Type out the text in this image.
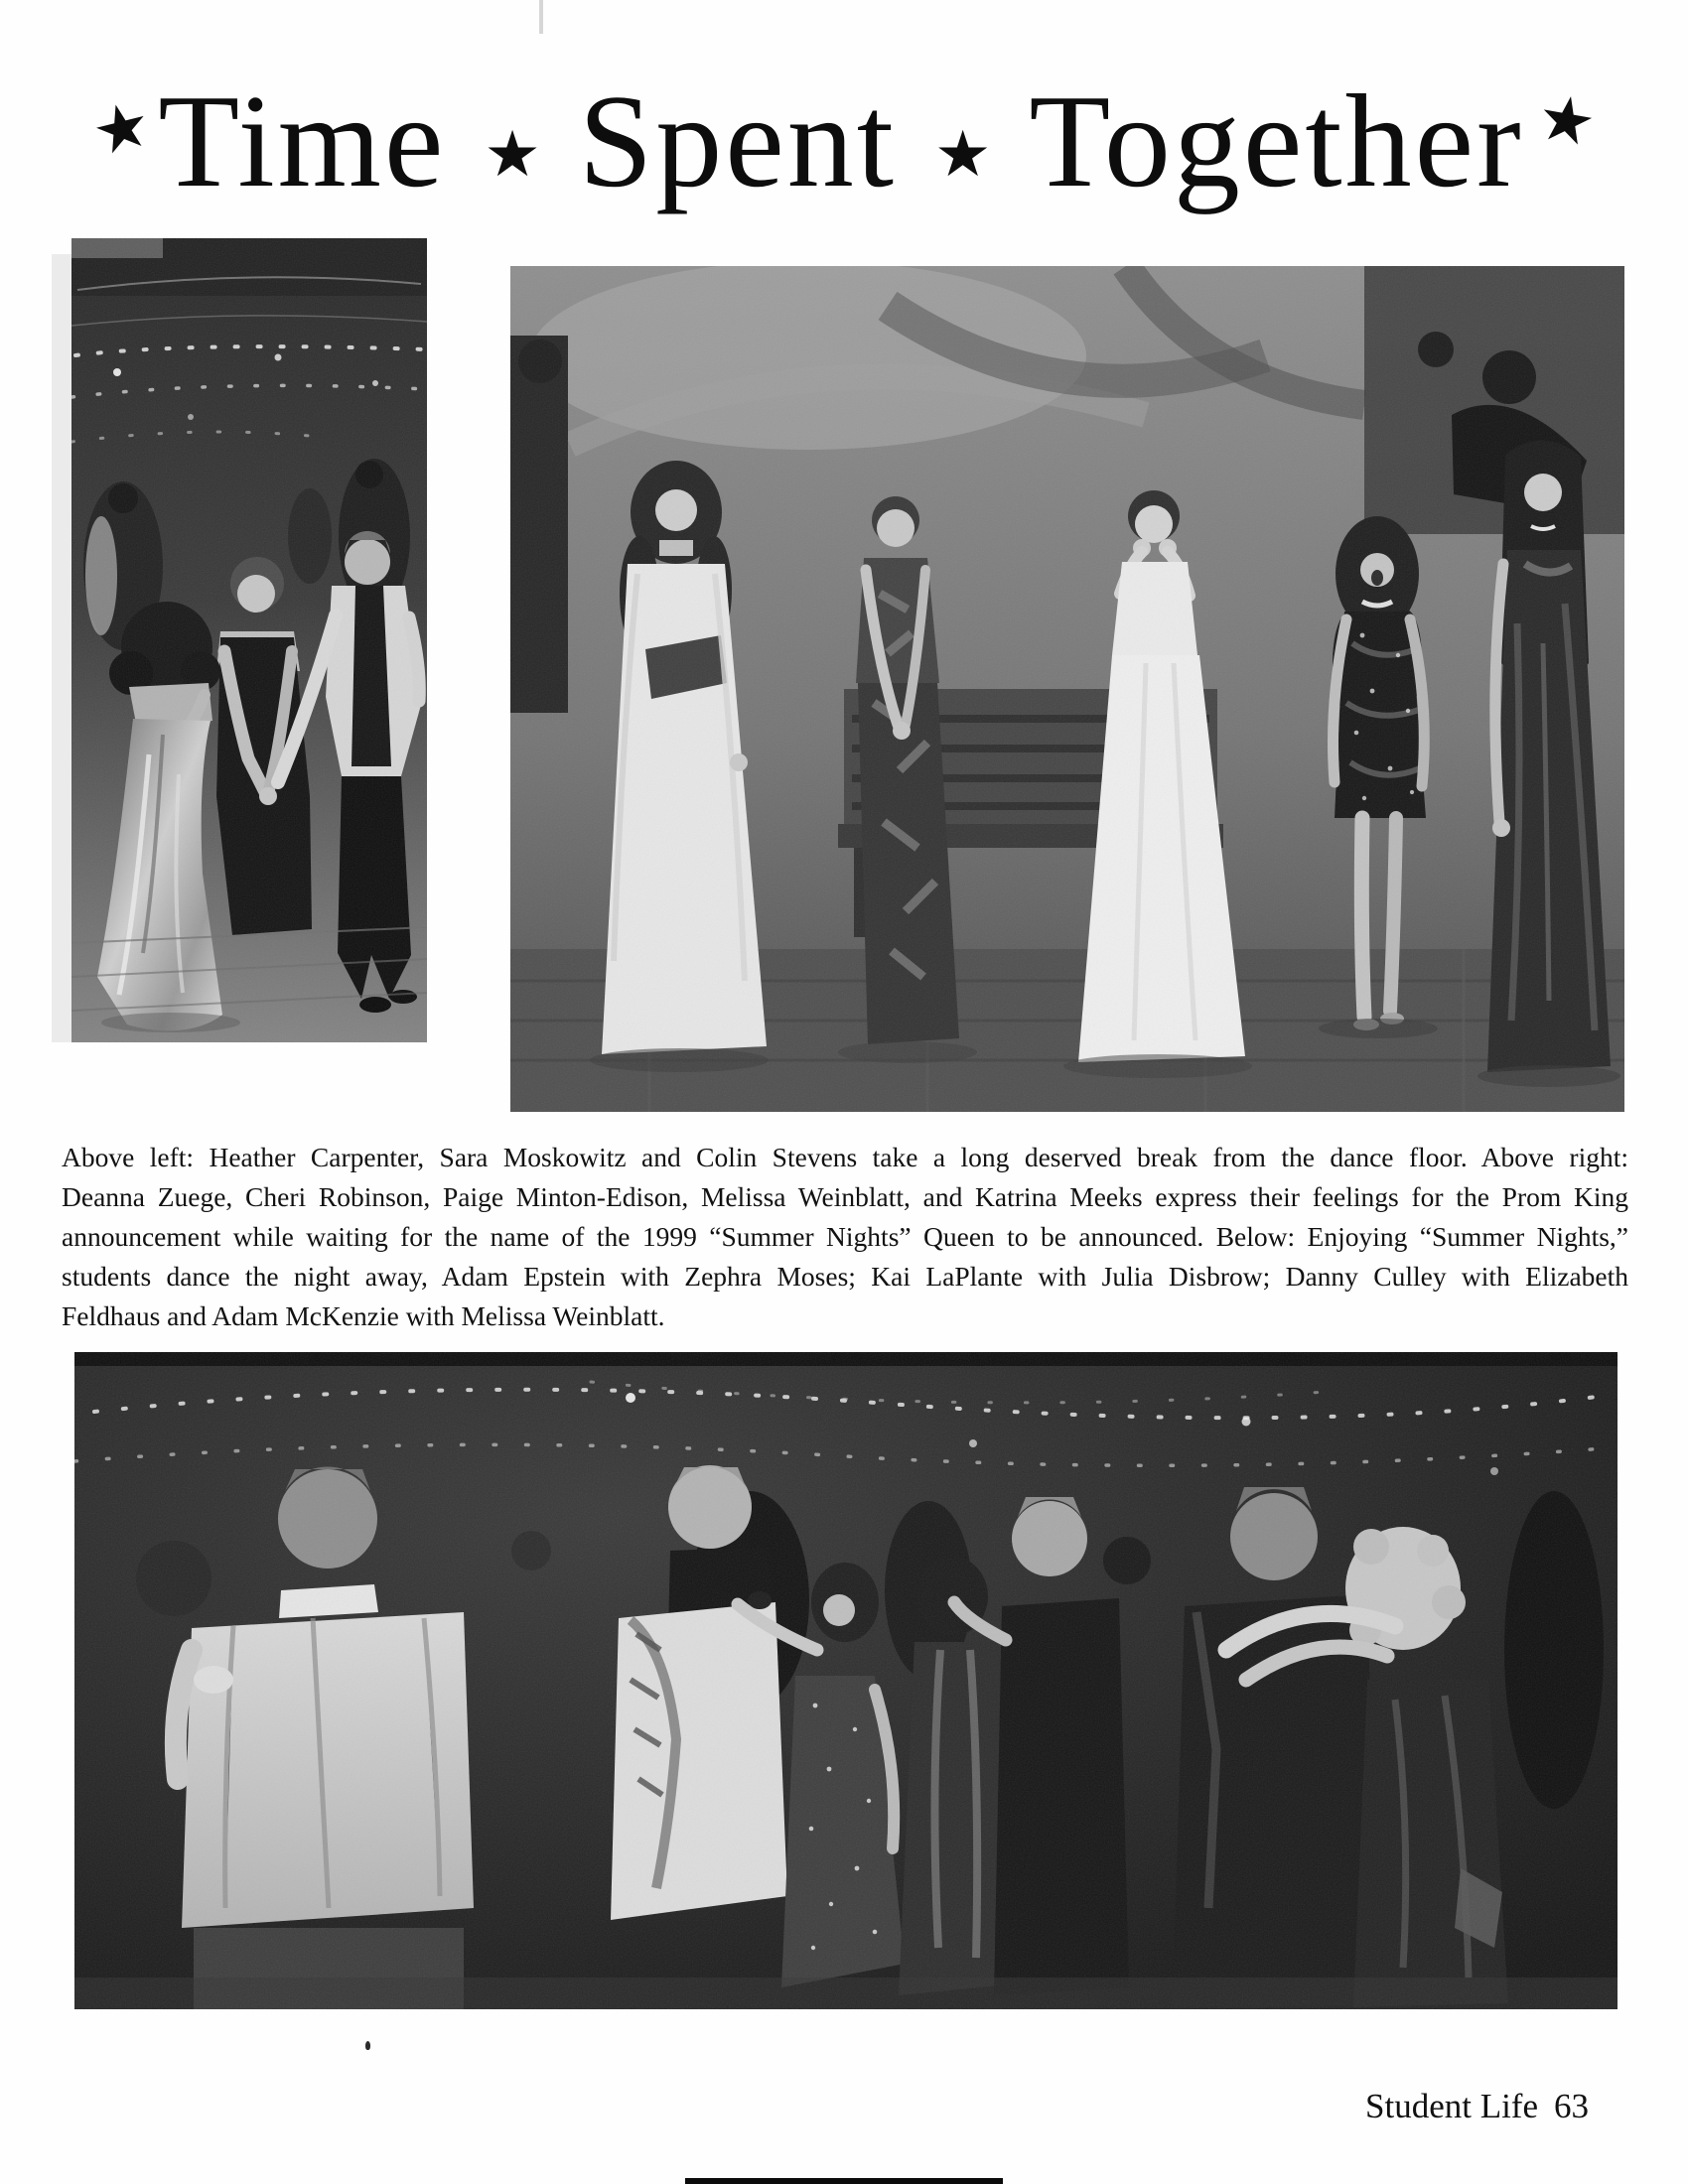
★ Time ★ Spent ★ Together ★

Above left: Heather Carpenter, Sara Moskowitz and Colin Stevens take a long deserved break from the dance floor. Above right:

Deanna Zuege, Cheri Robinson, Paige Minton-Edison, Melissa Weinblatt, and Katrina Meeks express their feelings for the Prom King

announcement while waiting for the name of the 1999 “Summer Nights” Queen to be announced. Below: Enjoying “Summer Nights,”

students dance the night away, Adam Epstein with Zephra Moses; Kai LaPlante with Julia Disbrow; Danny Culley with Elizabeth

Feldhaus and Adam McKenzie with Melissa Weinblatt.

Student Life 63
